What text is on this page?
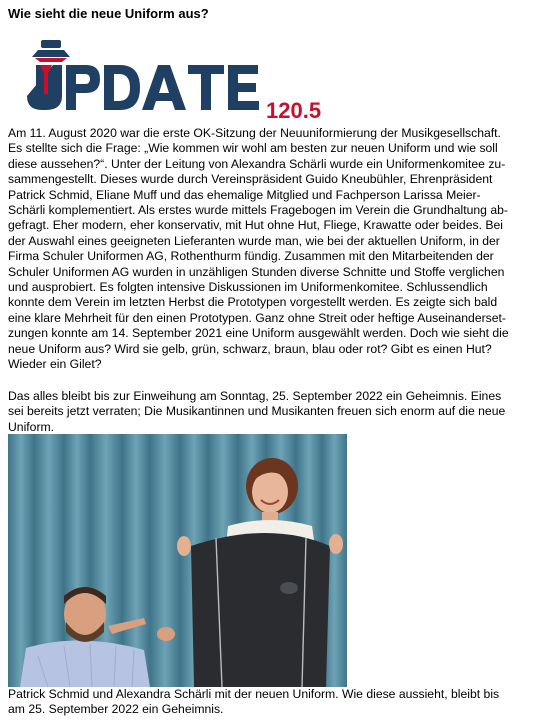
Wie sieht die neue Uniform aus?
120.5
Am 11. August 2020 war die erste OK-Sitzung der Neuuniformierung der Musikgesellschaft.
Es stellte sich die Frage: „Wie kommen wir wohl am besten zur neuen Uniform und wie soll
diese aussehen?“. Unter der Leitung von Alexandra Schärli wurde ein Uniformenkomitee zu-
sammengestellt. Dieses wurde durch Vereinspräsident Guido Kneubühler, Ehrenpräsident
Patrick Schmid, Eliane Muff und das ehemalige Mitglied und Fachperson Larissa Meier-
Schärli komplementiert. Als erstes wurde mittels Fragebogen im Verein die Grundhaltung ab-
gefragt. Eher modern, eher konservativ, mit Hut ohne Hut, Fliege, Krawatte oder beides. Bei
der Auswahl eines geeigneten Lieferanten wurde man, wie bei der aktuellen Uniform, in der
Firma Schuler Uniformen AG, Rothenthurm fündig. Zusammen mit den Mitarbeitenden der
Schuler Uniformen AG wurden in unzähligen Stunden diverse Schnitte und Stoffe verglichen
und ausprobiert. Es folgten intensive Diskussionen im Uniformenkomitee. Schlussendlich
konnte dem Verein im letzten Herbst die Prototypen vorgestellt werden. Es zeigte sich bald
eine klare Mehrheit für den einen Prototypen. Ganz ohne Streit oder heftige Auseinanderset-
zungen konnte am 14. September 2021 eine Uniform ausgewählt werden. Doch wie sieht die
neue Uniform aus? Wird sie gelb, grün, schwarz, braun, blau oder rot? Gibt es einen Hut?
Wieder ein Gilet?
Das alles bleibt bis zur Einweihung am Sonntag, 25. September 2022 ein Geheimnis. Eines
sei bereits jetzt verraten; Die Musikantinnen und Musikanten freuen sich enorm auf die neue
Uniform.
Patrick Schmid und Alexandra Schärli mit der neuen Uniform. Wie diese aussieht, bleibt bis
am 25. September 2022 ein Geheimnis.
